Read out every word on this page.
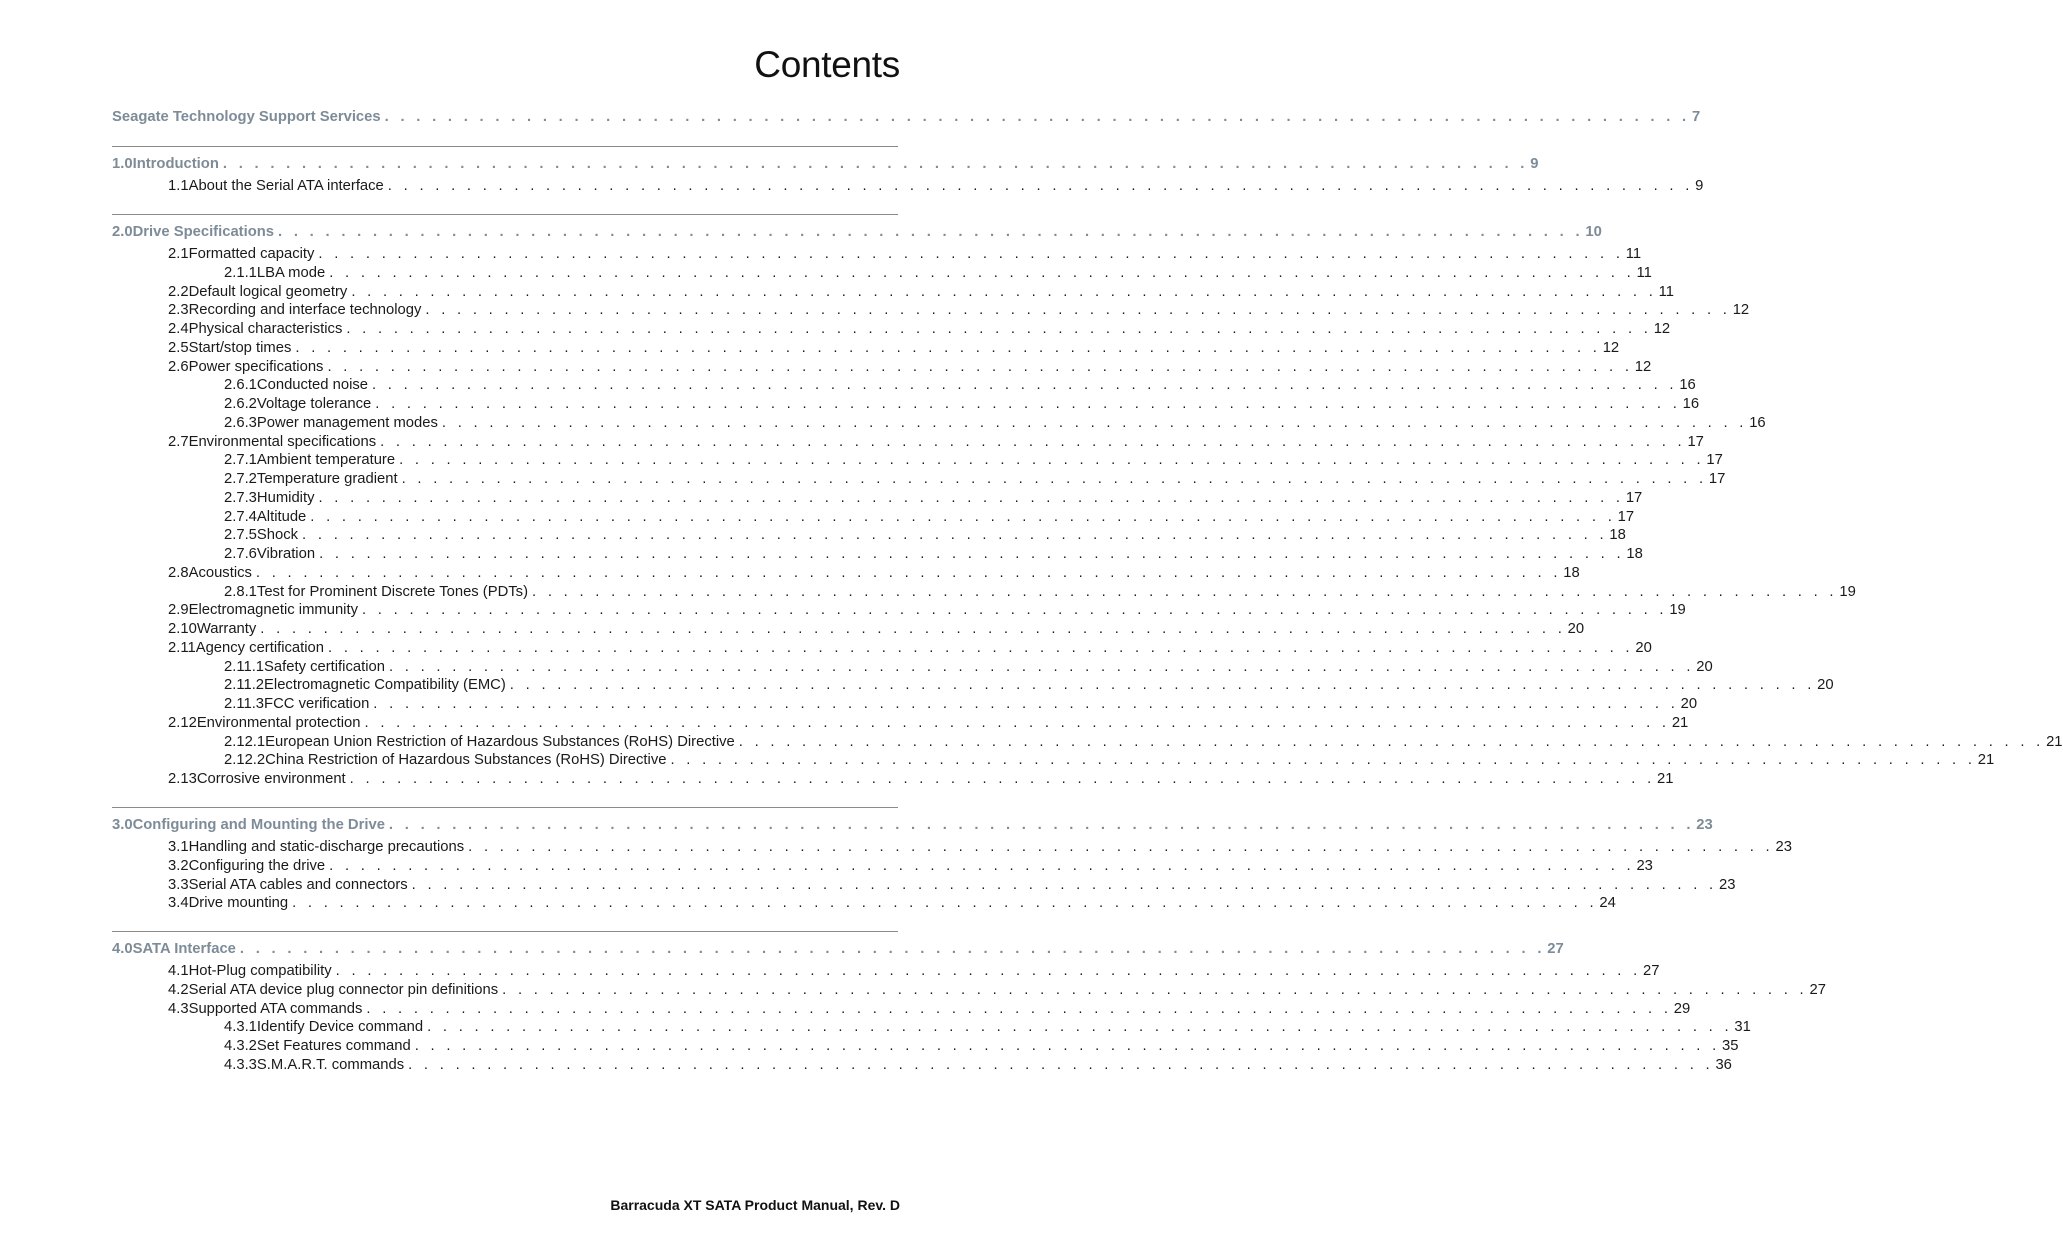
Contents
Seagate Technology Support Services . . . . . . . . . . . . . . . . . . . . . . . . . . . . . . . . . . . . . . . . . . . . . . . . . . . . . . . . . . . . . . . . . . . . . . . . . . . . . . . . . . . 7
1.0 Introduction . . . . . . . . . . . . . . . . . . . . . . . . . . . . . . . . . . . . . . . . . . . . . . . . . . . . . . . . . . . . . . . . . . . . . . . . . . . . . . . . . . . 9
1.1 About the Serial ATA interface . . . . . . . . . . . . . . . . . . . . . . . . . . . . . . . . . . . . . . . . . . . . . . . . . . . . . . . . . . . . . . . . . . . . . . . . . . . . . . . . . . . 9
2.0 Drive Specifications . . . . . . . . . . . . . . . . . . . . . . . . . . . . . . . . . . . . . . . . . . . . . . . . . . . . . . . . . . . . . . . . . . . . . . . . . . . . . . . . . . . 10
2.1 Formatted capacity . . . . . . . . . . . . . . . . . . . . . . . . . . . . . . . . . . . . . . . . . . . . . . . . . . . . . . . . . . . . . . . . . . . . . . . . . . . . . . . . . . . 11
2.1.1 LBA mode . . . . . . . . . . . . . . . . . . . . . . . . . . . . . . . . . . . . . . . . . . . . . . . . . . . . . . . . . . . . . . . . . . . . . . . . . . . . . . . . . . . 11
2.2 Default logical geometry . . . . . . . . . . . . . . . . . . . . . . . . . . . . . . . . . . . . . . . . . . . . . . . . . . . . . . . . . . . . . . . . . . . . . . . . . . . . . . . . . . . 11
2.3 Recording and interface technology . . . . . . . . . . . . . . . . . . . . . . . . . . . . . . . . . . . . . . . . . . . . . . . . . . . . . . . . . . . . . . . . . . . . . . . . . . . . . . . . . . . 12
2.4 Physical characteristics . . . . . . . . . . . . . . . . . . . . . . . . . . . . . . . . . . . . . . . . . . . . . . . . . . . . . . . . . . . . . . . . . . . . . . . . . . . . . . . . . . . 12
2.5 Start/stop times . . . . . . . . . . . . . . . . . . . . . . . . . . . . . . . . . . . . . . . . . . . . . . . . . . . . . . . . . . . . . . . . . . . . . . . . . . . . . . . . . . . 12
2.6 Power specifications . . . . . . . . . . . . . . . . . . . . . . . . . . . . . . . . . . . . . . . . . . . . . . . . . . . . . . . . . . . . . . . . . . . . . . . . . . . . . . . . . . . 12
2.6.1 Conducted noise . . . . . . . . . . . . . . . . . . . . . . . . . . . . . . . . . . . . . . . . . . . . . . . . . . . . . . . . . . . . . . . . . . . . . . . . . . . . . . . . . . . 16
2.6.2 Voltage tolerance . . . . . . . . . . . . . . . . . . . . . . . . . . . . . . . . . . . . . . . . . . . . . . . . . . . . . . . . . . . . . . . . . . . . . . . . . . . . . . . . . . . 16
2.6.3 Power management modes . . . . . . . . . . . . . . . . . . . . . . . . . . . . . . . . . . . . . . . . . . . . . . . . . . . . . . . . . . . . . . . . . . . . . . . . . . . . . . . . . . . 16
2.7 Environmental specifications . . . . . . . . . . . . . . . . . . . . . . . . . . . . . . . . . . . . . . . . . . . . . . . . . . . . . . . . . . . . . . . . . . . . . . . . . . . . . . . . . . . 17
2.7.1 Ambient temperature . . . . . . . . . . . . . . . . . . . . . . . . . . . . . . . . . . . . . . . . . . . . . . . . . . . . . . . . . . . . . . . . . . . . . . . . . . . . . . . . . . . 17
2.7.2 Temperature gradient . . . . . . . . . . . . . . . . . . . . . . . . . . . . . . . . . . . . . . . . . . . . . . . . . . . . . . . . . . . . . . . . . . . . . . . . . . . . . . . . . . . 17
2.7.3 Humidity . . . . . . . . . . . . . . . . . . . . . . . . . . . . . . . . . . . . . . . . . . . . . . . . . . . . . . . . . . . . . . . . . . . . . . . . . . . . . . . . . . . 17
2.7.4 Altitude . . . . . . . . . . . . . . . . . . . . . . . . . . . . . . . . . . . . . . . . . . . . . . . . . . . . . . . . . . . . . . . . . . . . . . . . . . . . . . . . . . . 17
2.7.5 Shock . . . . . . . . . . . . . . . . . . . . . . . . . . . . . . . . . . . . . . . . . . . . . . . . . . . . . . . . . . . . . . . . . . . . . . . . . . . . . . . . . . . 18
2.7.6 Vibration . . . . . . . . . . . . . . . . . . . . . . . . . . . . . . . . . . . . . . . . . . . . . . . . . . . . . . . . . . . . . . . . . . . . . . . . . . . . . . . . . . . 18
2.8 Acoustics . . . . . . . . . . . . . . . . . . . . . . . . . . . . . . . . . . . . . . . . . . . . . . . . . . . . . . . . . . . . . . . . . . . . . . . . . . . . . . . . . . . 18
2.8.1 Test for Prominent Discrete Tones (PDTs) . . . . . . . . . . . . . . . . . . . . . . . . . . . . . . . . . . . . . . . . . . . . . . . . . . . . . . . . . . . . . . . . . . . . . . . . . . . . . . . . . . . 19
2.9 Electromagnetic immunity . . . . . . . . . . . . . . . . . . . . . . . . . . . . . . . . . . . . . . . . . . . . . . . . . . . . . . . . . . . . . . . . . . . . . . . . . . . . . . . . . . . 19
2.10 Warranty . . . . . . . . . . . . . . . . . . . . . . . . . . . . . . . . . . . . . . . . . . . . . . . . . . . . . . . . . . . . . . . . . . . . . . . . . . . . . . . . . . . 20
2.11 Agency certification . . . . . . . . . . . . . . . . . . . . . . . . . . . . . . . . . . . . . . . . . . . . . . . . . . . . . . . . . . . . . . . . . . . . . . . . . . . . . . . . . . . 20
2.11.1 Safety certification . . . . . . . . . . . . . . . . . . . . . . . . . . . . . . . . . . . . . . . . . . . . . . . . . . . . . . . . . . . . . . . . . . . . . . . . . . . . . . . . . . . 20
2.11.2 Electromagnetic Compatibility (EMC) . . . . . . . . . . . . . . . . . . . . . . . . . . . . . . . . . . . . . . . . . . . . . . . . . . . . . . . . . . . . . . . . . . . . . . . . . . . . . . . . . . . 20
2.11.3 FCC verification . . . . . . . . . . . . . . . . . . . . . . . . . . . . . . . . . . . . . . . . . . . . . . . . . . . . . . . . . . . . . . . . . . . . . . . . . . . . . . . . . . . 20
2.12 Environmental protection . . . . . . . . . . . . . . . . . . . . . . . . . . . . . . . . . . . . . . . . . . . . . . . . . . . . . . . . . . . . . . . . . . . . . . . . . . . . . . . . . . . 21
2.12.1 European Union Restriction of Hazardous Substances (RoHS) Directive . . . . . . . . . . . . . . . . . . . . . . . . . . . . . . . . . . . . . . . . . . . . . . . . . . . . . . . . . . . . . . . . . . . . . . . . . . . . . . . . . . . 21
2.12.2 China Restriction of Hazardous Substances (RoHS) Directive . . . . . . . . . . . . . . . . . . . . . . . . . . . . . . . . . . . . . . . . . . . . . . . . . . . . . . . . . . . . . . . . . . . . . . . . . . . . . . . . . . . 21
2.13 Corrosive environment . . . . . . . . . . . . . . . . . . . . . . . . . . . . . . . . . . . . . . . . . . . . . . . . . . . . . . . . . . . . . . . . . . . . . . . . . . . . . . . . . . . 21
3.0 Configuring and Mounting the Drive . . . . . . . . . . . . . . . . . . . . . . . . . . . . . . . . . . . . . . . . . . . . . . . . . . . . . . . . . . . . . . . . . . . . . . . . . . . . . . . . . . . 23
3.1 Handling and static-discharge precautions . . . . . . . . . . . . . . . . . . . . . . . . . . . . . . . . . . . . . . . . . . . . . . . . . . . . . . . . . . . . . . . . . . . . . . . . . . . . . . . . . . . 23
3.2 Configuring the drive . . . . . . . . . . . . . . . . . . . . . . . . . . . . . . . . . . . . . . . . . . . . . . . . . . . . . . . . . . . . . . . . . . . . . . . . . . . . . . . . . . . 23
3.3 Serial ATA cables and connectors . . . . . . . . . . . . . . . . . . . . . . . . . . . . . . . . . . . . . . . . . . . . . . . . . . . . . . . . . . . . . . . . . . . . . . . . . . . . . . . . . . . 23
3.4 Drive mounting . . . . . . . . . . . . . . . . . . . . . . . . . . . . . . . . . . . . . . . . . . . . . . . . . . . . . . . . . . . . . . . . . . . . . . . . . . . . . . . . . . . 24
4.0 SATA Interface . . . . . . . . . . . . . . . . . . . . . . . . . . . . . . . . . . . . . . . . . . . . . . . . . . . . . . . . . . . . . . . . . . . . . . . . . . . . . . . . . . . 27
4.1 Hot-Plug compatibility . . . . . . . . . . . . . . . . . . . . . . . . . . . . . . . . . . . . . . . . . . . . . . . . . . . . . . . . . . . . . . . . . . . . . . . . . . . . . . . . . . . 27
4.2 Serial ATA device plug connector pin definitions . . . . . . . . . . . . . . . . . . . . . . . . . . . . . . . . . . . . . . . . . . . . . . . . . . . . . . . . . . . . . . . . . . . . . . . . . . . . . . . . . . . 27
4.3 Supported ATA commands . . . . . . . . . . . . . . . . . . . . . . . . . . . . . . . . . . . . . . . . . . . . . . . . . . . . . . . . . . . . . . . . . . . . . . . . . . . . . . . . . . . 29
4.3.1 Identify Device command . . . . . . . . . . . . . . . . . . . . . . . . . . . . . . . . . . . . . . . . . . . . . . . . . . . . . . . . . . . . . . . . . . . . . . . . . . . . . . . . . . . 31
4.3.2 Set Features command . . . . . . . . . . . . . . . . . . . . . . . . . . . . . . . . . . . . . . . . . . . . . . . . . . . . . . . . . . . . . . . . . . . . . . . . . . . . . . . . . . . 35
4.3.3 S.M.A.R.T. commands . . . . . . . . . . . . . . . . . . . . . . . . . . . . . . . . . . . . . . . . . . . . . . . . . . . . . . . . . . . . . . . . . . . . . . . . . . . . . . . . . . . 36
Barracuda XT SATA Product Manual, Rev. D
